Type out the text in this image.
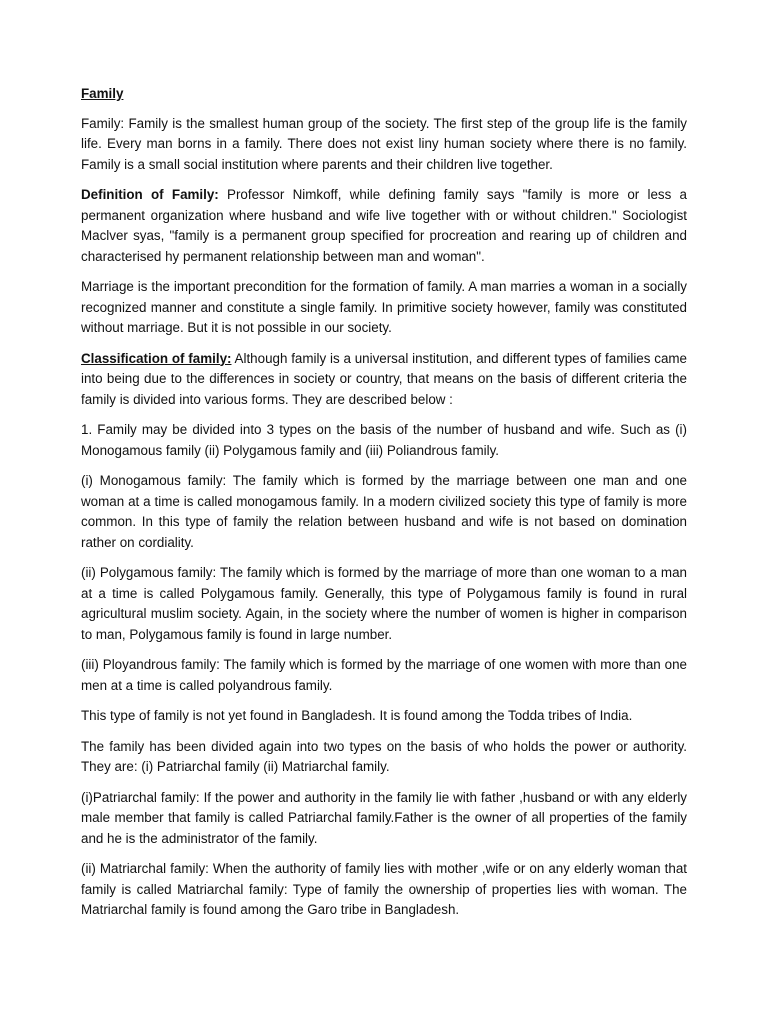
Family

Family: Family is the smallest human group of the society. The first step of the group life is the family life. Every man borns in a family. There does not exist liny human society where there is no family. Family is a small social institution where parents and their children live together.

Definition of Family: Professor Nimkoff, while defining family says "family is more or less a permanent organization where husband and wife live together with or without children." Sociologist Maclver syas, "family is a permanent group specified for procreation and rearing up of children and characterised hy permanent relationship between man and woman".

Marriage is the important precondition for the formation of family. A man marries a woman in a socially recognized manner and constitute a single family. In primitive society however, family was constituted without marriage. But it is not possible in our society.

Classification of family: Although family is a universal institution, and different types of families came into being due to the differences in society or country, that means on the basis of different criteria the family is divided into various forms. They are described below :

1. Family may be divided into 3 types on the basis of the number of husband and wife. Such as (i) Monogamous family (ii) Polygamous family and (iii) Poliandrous family.

(i) Monogamous family: The family which is formed by the marriage between one man and one woman at a time is called monogamous family. In a modern civilized society this type of family is more common. In this type of family the relation between husband and wife is not based on domination rather on cordiality.

(ii) Polygamous family: The family which is formed by the marriage of more than one woman to a man at a time is called Polygamous family. Generally, this type of Polygamous family is found in rural agricultural muslim society. Again, in the society where the number of women is higher in comparison to man, Polygamous family is found in large number.

(iii) Ployandrous family: The family which is formed by the marriage of one women with more than one men at a time is called polyandrous family.

This type of family is not yet found in Bangladesh. It is found among the Todda tribes of India.

The family has been divided again into two types on the basis of who holds the power or authority. They are: (i) Patriarchal family (ii) Matriarchal family.

(i)Patriarchal family: If the power and authority in the family lie with father ,husband or with any elderly male member that family is called Patriarchal family.Father is the owner of all properties of the family and he is the administrator of the family.

(ii) Matriarchal family: When the authority of family lies with mother ,wife or on any elderly woman that family is called Matriarchal family: Type of family the ownership of properties lies with woman. The Matriarchal family is found among the Garo tribe in Bangladesh.
